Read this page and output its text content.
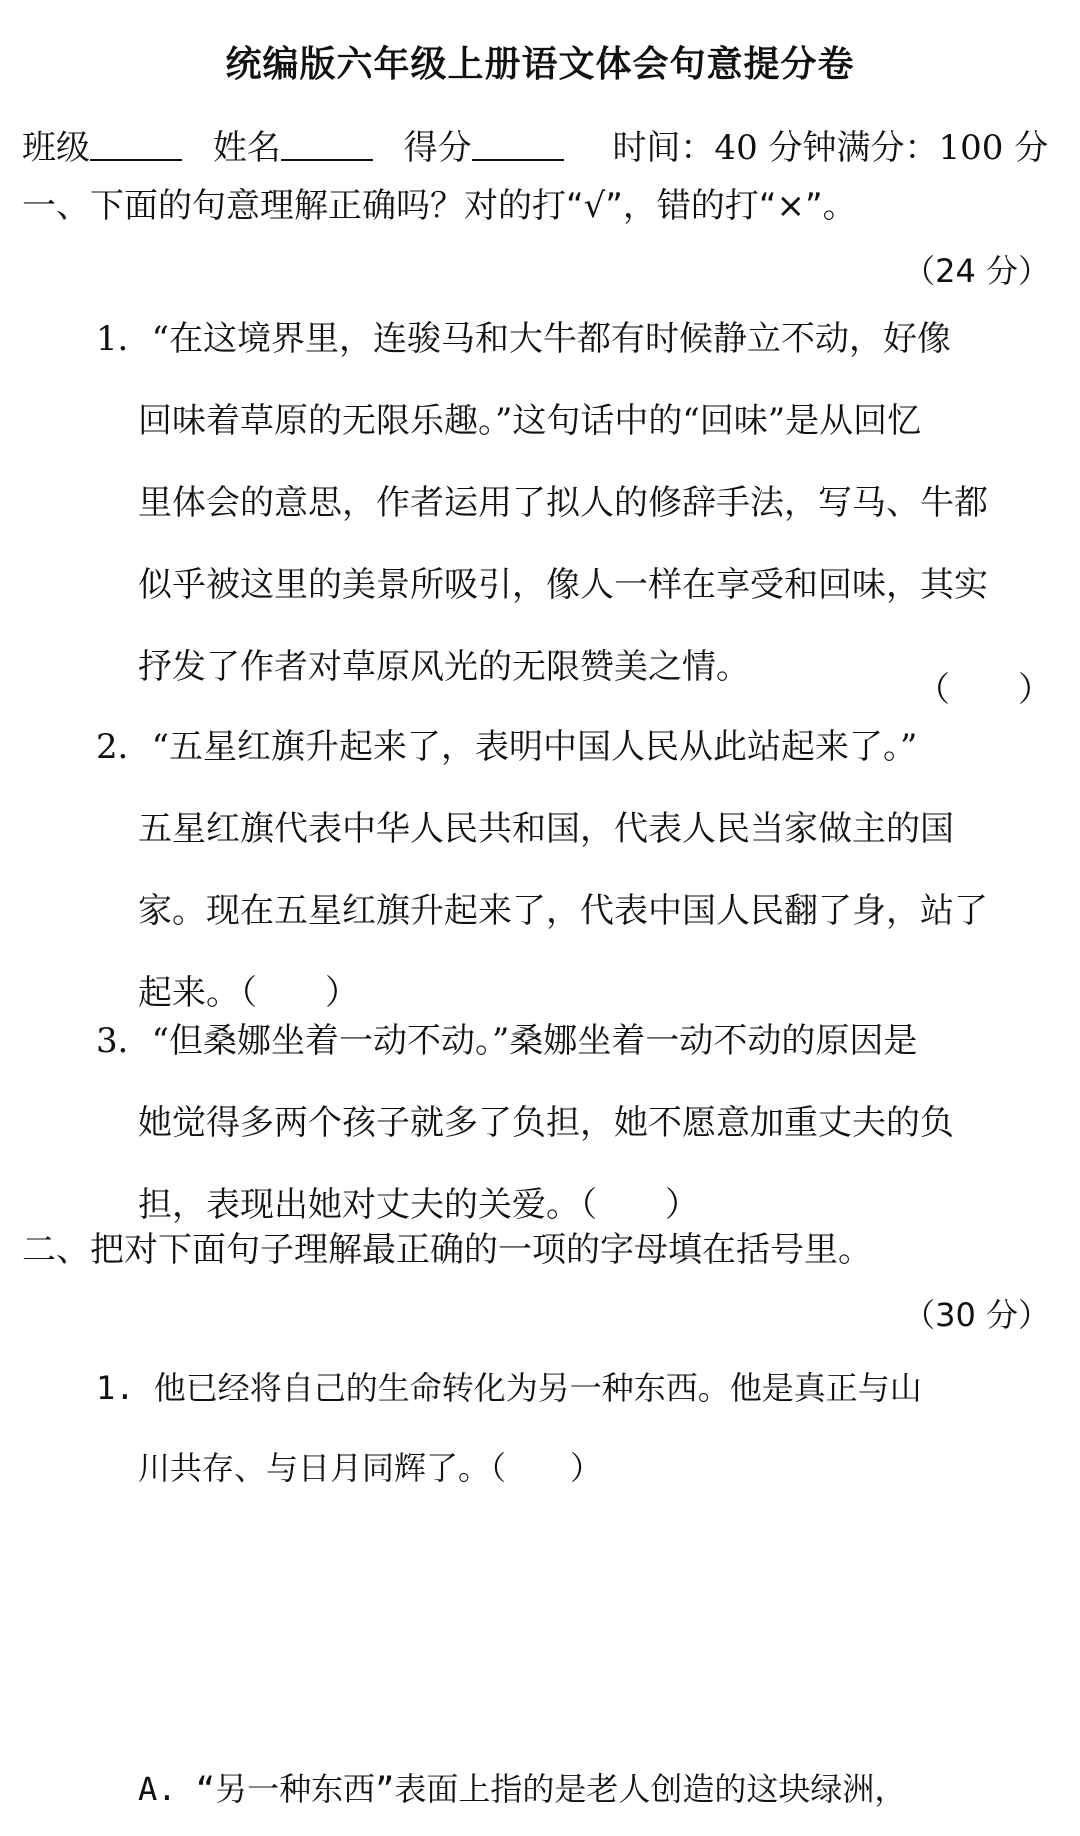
统编版六年级上册语文体会句意提分卷
班级	姓名	得分	时间：40 分钟满分：100 分
一、下面的句意理解正确吗？对的打“√”，错的打“×”。
（24 分）
1．“在这境界里，连骏马和大牛都有时候静立不动，好像
回味着草原的无限乐趣。”这句话中的“回味”是从回忆
里体会的意思，作者运用了拟人的修辞手法，写马、牛都
似乎被这里的美景所吸引，像人一样在享受和回味，其实
抒发了作者对草原风光的无限赞美之情。
（　　）
2．“五星红旗升起来了，表明中国人民从此站起来了。”
五星红旗代表中华人民共和国，代表人民当家做主的国
家。现在五星红旗升起来了，代表中国人民翻了身，站了
起来。（　　）
3．“但桑娜坐着一动不动。”桑娜坐着一动不动的原因是
她觉得多两个孩子就多了负担，她不愿意加重丈夫的负
担，表现出她对丈夫的关爱。（　　）
二、把对下面句子理解最正确的一项的字母填在括号里。
（30 分）
1. 他已经将自己的生命转化为另一种东西。他是真正与山
川共存、与日月同辉了。（　　）
A. “另一种东西”表面上指的是老人创造的这块绿洲，
